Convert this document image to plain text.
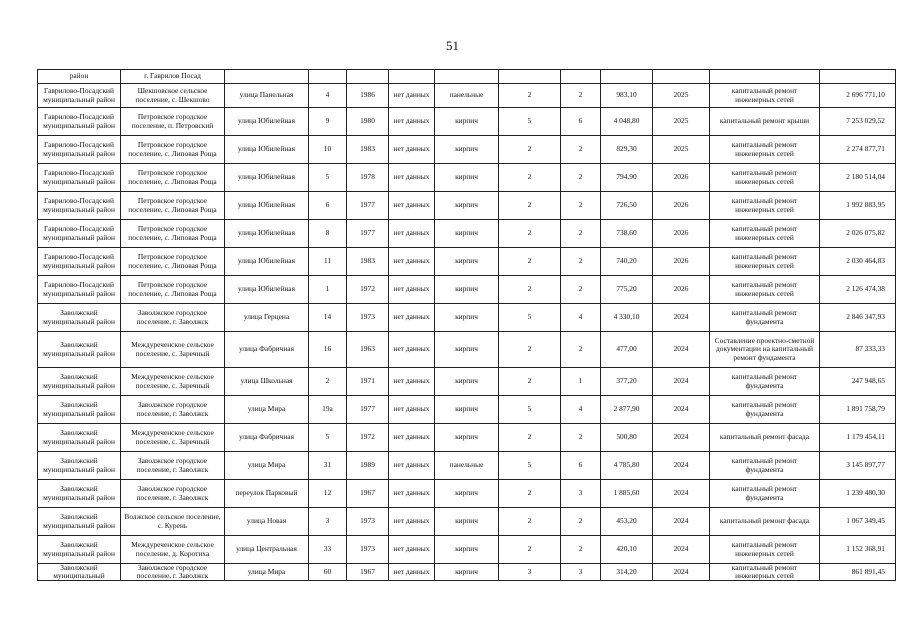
51
район	г. Гаврилов Посад											
Гаврилово-Посадский муниципальный район	Шекшовское сельское поселение, с. Шекшово	улица Панельная	4	1986	нет данных	панельные	2	2	983,10	2025	капитальный ремонт инженерных сетей	2 696 771,10
Гаврилово-Посадский муниципальный район	Петровское городское поселение, п. Петровский	улица Юбилейная	9	1980	нет данных	кирпич	5	6	4 048,80	2025	капитальный ремонт крыши	7 253 029,52
Гаврилово-Посадский муниципальный район	Петровское городское поселение, с. Липовая Роща	улица Юбилейная	10	1983	нет данных	кирпич	2	2	829,30	2025	капитальный ремонт инженерных сетей	2 274 877,71
Гаврилово-Посадский муниципальный район	Петровское городское поселение, с. Липовая Роща	улица Юбилейная	5	1978	нет данных	кирпич	2	2	794,90	2026	капитальный ремонт инженерных сетей	2 180 514,04
Гаврилово-Посадский муниципальный район	Петровское городское поселение, с. Липовая Роща	улица Юбилейная	6	1977	нет данных	кирпич	2	2	726,50	2026	капитальный ремонт инженерных сетей	1 992 883,95
Гаврилово-Посадский муниципальный район	Петровское городское поселение, с. Липовая Роща	улица Юбилейная	8	1977	нет данных	кирпич	2	2	738,60	2026	капитальный ремонт инженерных сетей	2 026 075,82
Гаврилово-Посадский муниципальный район	Петровское городское поселение, с. Липовая Роща	улица Юбилейная	11	1983	нет данных	кирпич	2	2	740,20	2026	капитальный ремонт инженерных сетей	2 030 464,83
Гаврилово-Посадский муниципальный район	Петровское городское поселение, с. Липовая Роща	улица Юбилейная	1	1972	нет данных	кирпич	2	2	775,20	2026	капитальный ремонт инженерных сетей	2 126 474,38
Заволжский муниципальный район	Заволжское городское поселение, г. Заволжск	улица Герцена	14	1973	нет данных	кирпич	5	4	4 330,10	2024	капитальный ремонт фундамента	2 846 347,93
Заволжский муниципальный район	Междуреченское сельское поселение, с. Заречный	улица Фабричная	16	1963	нет данных	кирпич	2	2	477,00	2024	Составление проектно-сметной документации на капитальный ремонт фундамента	87 333,33
Заволжский муниципальный район	Междуреченское сельское поселение, с. Заречный	улица Школьная	2	1971	нет данных	кирпич	2	1	377,20	2024	капитальный ремонт фундамента	247 948,65
Заволжский муниципальный район	Заволжское городское поселение, г. Заволжск	улица Мира	19а	1977	нет данных	кирпич	5	4	2 877,90	2024	капитальный ремонт фундамента	1 891 758,79
Заволжский муниципальный район	Междуреченское сельское поселение, с. Заречный	улица Фабричная	5	1972	нет данных	кирпич	2	2	500,80	2024	капитальный ремонт фасада	1 179 454,11
Заволжский муниципальный район	Заволжское городское поселение, г. Заволжск	улица Мира	31	1989	нет данных	панельные	5	6	4 785,80	2024	капитальный ремонт фундамента	3 145 897,77
Заволжский муниципальный район	Заволжское городское поселение, г. Заволжск	переулок Парковый	12	1967	нет данных	кирпич	2	3	1 885,60	2024	капитальный ремонт фундамента	1 239 480,30
Заволжский муниципальный район	Волжское сельское поселение, с. Курень	улица Новая	3	1973	нет данных	кирпич	2	2	453,20	2024	капитальный ремонт фасада	1 067 349,45
Заволжский муниципальный район	Междуреченское сельское поселение, д. Коротиха	улица Центральная	33	1973	нет данных	кирпич	2	2	420,10	2024	капитальный ремонт инженерных сетей	1 152 368,91
Заволжский муниципальный	Заволжское городское поселение, г. Заволжск	улица Мира	60	1967	нет данных	кирпич	3	3	314,20	2024	капитальный ремонт инженерных сетей	861 891,45
